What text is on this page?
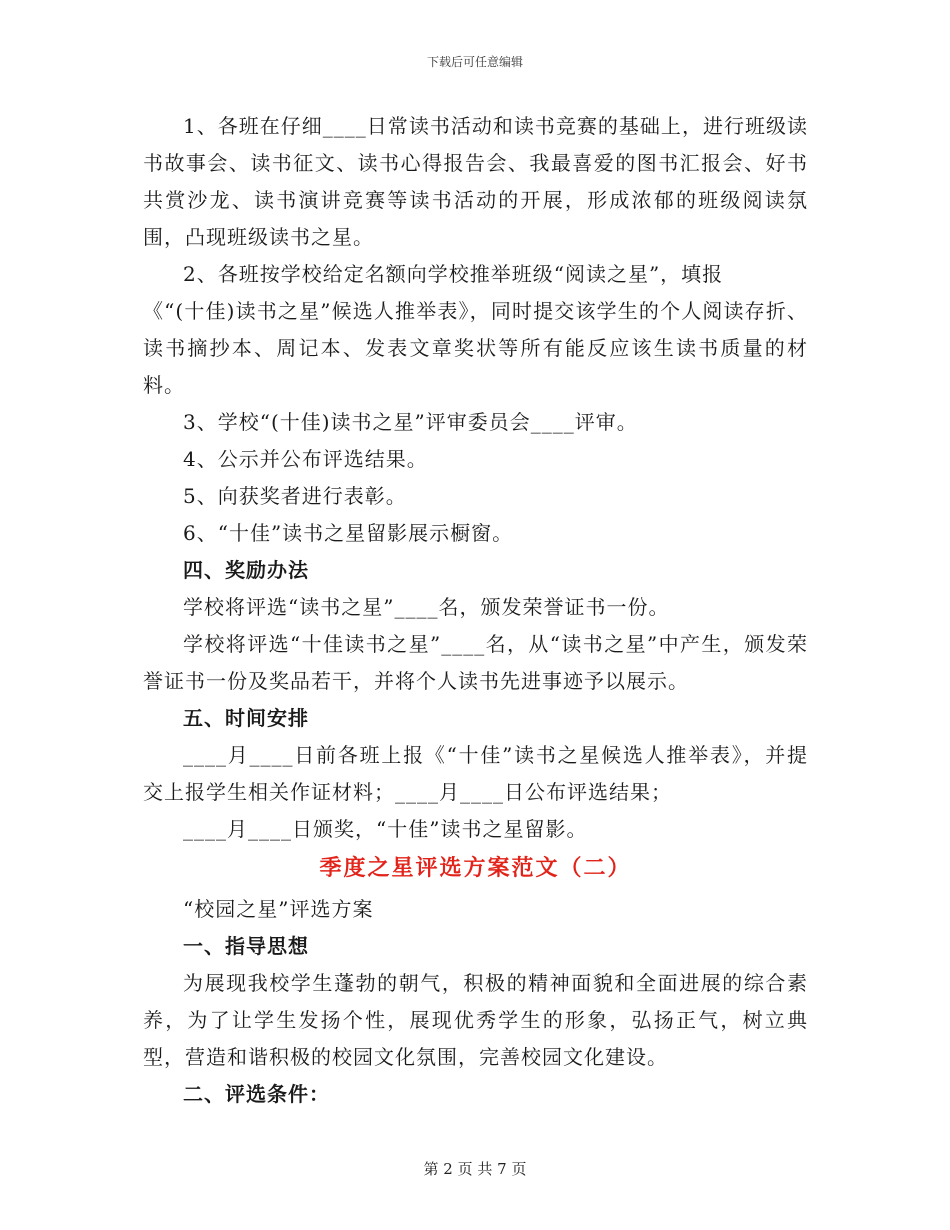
下载后可任意编辑

1、各班在仔细____日常读书活动和读书竞赛的基础上，进行班级读书故事会、读书征文、读书心得报告会、我最喜爱的图书汇报会、好书共赏沙龙、读书演讲竞赛等读书活动的开展，形成浓郁的班级阅读氛围，凸现班级读书之星。

2、各班按学校给定名额向学校推举班级“阅读之星”，填报

《“(十佳)读书之星”候选人推举表》，同时提交该学生的个人阅读存折、读书摘抄本、周记本、发表文章奖状等所有能反应该生读书质量的材料。

3、学校“(十佳)读书之星”评审委员会____评审。

4、公示并公布评选结果。

5、向获奖者进行表彰。

6、“十佳”读书之星留影展示橱窗。

四、奖励办法

学校将评选“读书之星”____名，颁发荣誉证书一份。

学校将评选“十佳读书之星”____名，从“读书之星”中产生，颁发荣誉证书一份及奖品若干，并将个人读书先进事迹予以展示。

五、时间安排

____月____日前各班上报《“十佳”读书之星候选人推举表》，并提交上报学生相关作证材料；____月____日公布评选结果；

____月____日颁奖，“十佳”读书之星留影。

季度之星评选方案范文（二）

“校园之星”评选方案

一、指导思想

为展现我校学生蓬勃的朝气，积极的精神面貌和全面进展的综合素养，为了让学生发扬个性，展现优秀学生的形象，弘扬正气，树立典型，营造和谐积极的校园文化氛围，完善校园文化建设。

二、评选条件：

第 2 页 共 7 页
